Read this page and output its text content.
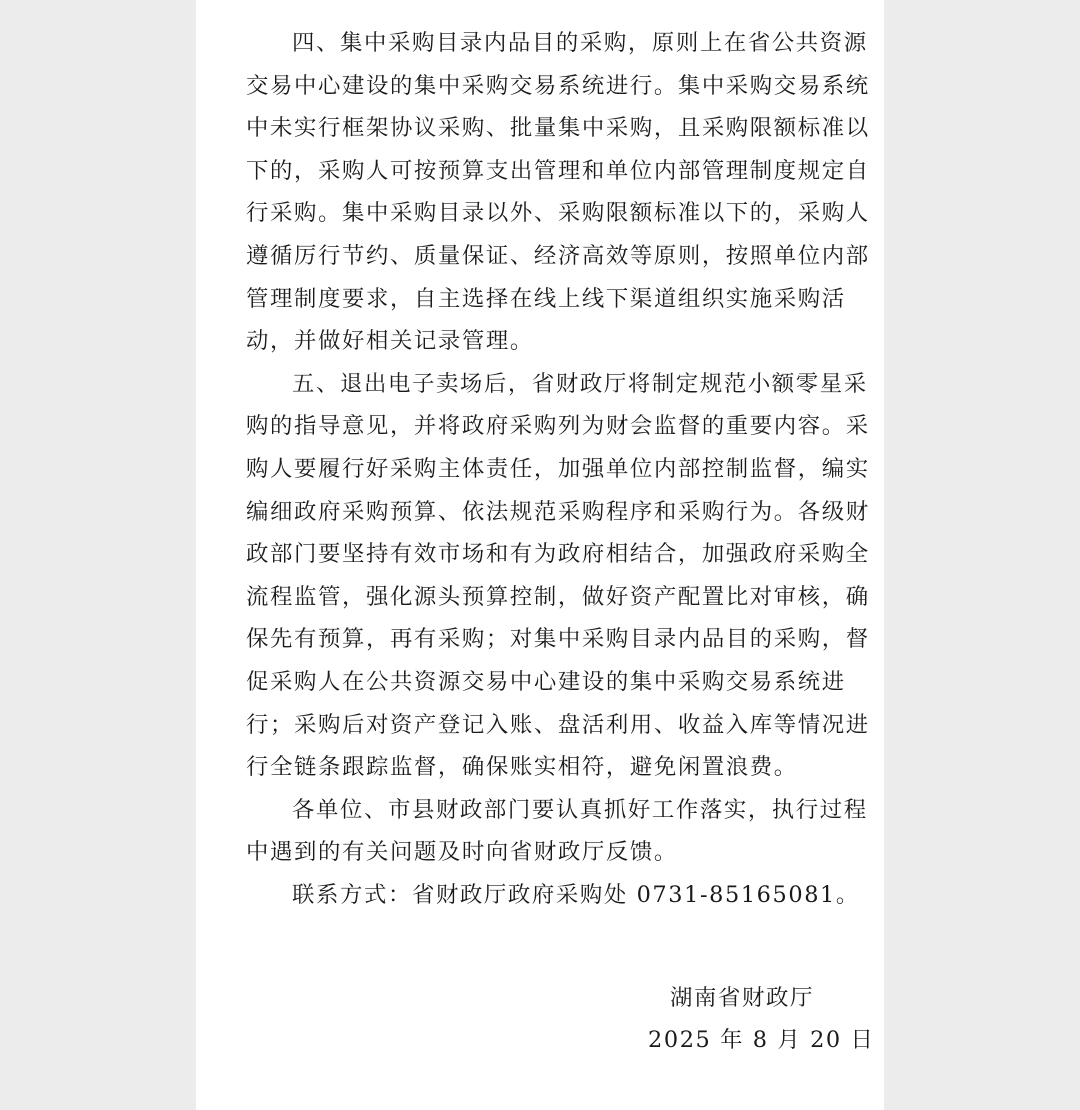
四、集中采购目录内品目的采购，原则上在省公共资源
交易中心建设的集中采购交易系统进行。集中采购交易系统
中未实行框架协议采购、批量集中采购，且采购限额标准以
下的，采购人可按预算支出管理和单位内部管理制度规定自
行采购。集中采购目录以外、采购限额标准以下的，采购人
遵循厉行节约、质量保证、经济高效等原则，按照单位内部
管理制度要求，自主选择在线上线下渠道组织实施采购活
动，并做好相关记录管理。

五、退出电子卖场后，省财政厅将制定规范小额零星采
购的指导意见，并将政府采购列为财会监督的重要内容。采
购人要履行好采购主体责任，加强单位内部控制监督，编实
编细政府采购预算、依法规范采购程序和采购行为。各级财
政部门要坚持有效市场和有为政府相结合，加强政府采购全
流程监管，强化源头预算控制，做好资产配置比对审核，确
保先有预算，再有采购；对集中采购目录内品目的采购，督
促采购人在公共资源交易中心建设的集中采购交易系统进
行；采购后对资产登记入账、盘活利用、收益入库等情况进
行全链条跟踪监督，确保账实相符，避免闲置浪费。

各单位、市县财政部门要认真抓好工作落实，执行过程
中遇到的有关问题及时向省财政厅反馈。

联系方式：省财政厅政府采购处 0731-85165081。

湖南省财政厅
2025 年 8 月 20 日
